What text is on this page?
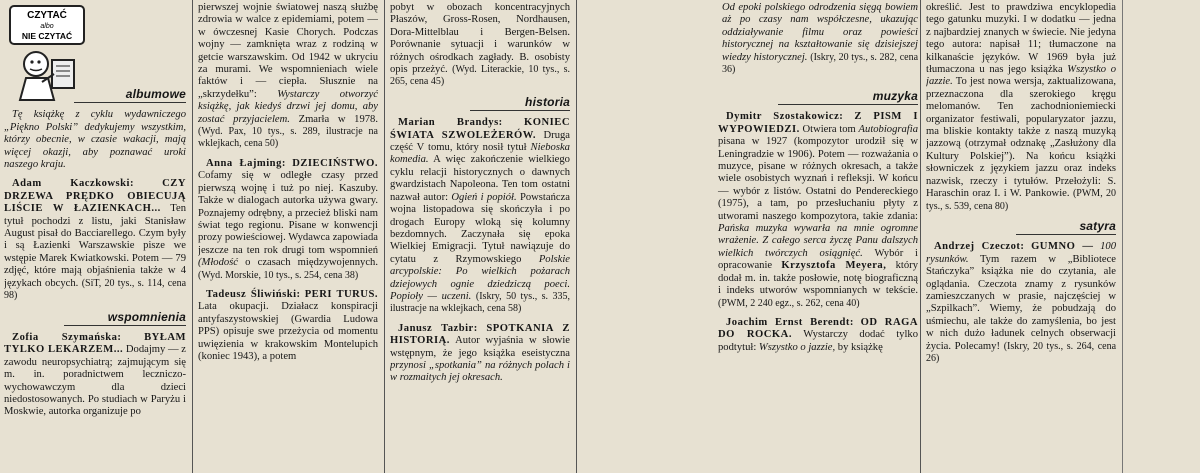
CZYTAĆ
albo
NIE CZYTAĆ
albumowe

Tę książkę z cyklu wydawniczego „Piękno Polski” dedykujemy wszystkim, którzy obecnie, w czasie wakacji, mają więcej okazji, aby poznawać uroki naszego kraju.

Adam Kaczkowski:	CZY DRZEWA PRĘDKO OBIECUJĄ LIŚCIE W ŁAZIENKACH... Ten tytuł pochodzi z listu, jaki Stanisław August pisał do Bacciarellego. Czym były i są Łazienki Warszawskie pisze we wstępie Marek Kwiatkowski. Potem — 79 zdjęć, które mają objaśnienia także w 4 językach obcych. (SiT, 20 tys., s. 114, cena 98)

wspomnienia

Zofia Szymańska: BYŁAM TYLKO LEKARZEM... Dodajmy — z zawodu neuropsychiatrą; zajmującym się m. in. poradnictwem leczniczo-wychowawczym dla dzieci niedostosowanych. Po studiach w Paryżu i Moskwie, autorka organizuje po

pierwszej wojnie światowej naszą służbę zdrowia w walce z epidemiami, potem — w ówczesnej Kasie Chorych. Podczas wojny — zamknięta wraz z rodziną w getcie warszawskim. Od 1942 w ukryciu za murami. We wspomnieniach wiele faktów i — ciepła. Słusznie na „skrzydełku”: Wystarczy otworzyć książkę, jak kiedyś drzwi jej domu, aby zostać przyjacielem. Zmarła w 1978. (Wyd. Pax, 10 tys., s. 289, ilustracje na wklejkach, cena 50)

Anna Łajming: DZIECIŃSTWO. Cofamy się w odległe czasy przed pierwszą wojnę i tuż po niej. Kaszuby. Także w dialogach autorka używa gwary. Poznajemy odrębny, a przecież bliski nam świat tego regionu. Pisane w konwencji prozy powieściowej. Wydawca zapowiada jeszcze na ten rok drugi tom wspomnień (Młodość o czasach międzywojennych. (Wyd. Morskie, 10 tys., s. 254, cena 38)

Tadeusz Śliwiński: PERI TURUS. Lata okupacji. Działacz konspiracji antyfaszystowskiej (Gwardia Ludowa PPS) opisuje swe przeżycia od momentu uwięzienia w krakowskim Montelupich (koniec 1943), a potem

pobyt w obozach koncentracyjnych Płaszów, Gross-Rosen, Nordhausen, Dora-Mittelblau i Bergen-Belsen. Porównanie sytuacji i warunków w różnych ośrodkach zagłady. B. osobisty opis przeżyć. (Wyd. Literackie, 10 tys., s. 265, cena 45)

historia

Marian Brandys: KONIEC ŚWIATA SZWOLEŻERÓW. Druga część V tomu, który nosił tytuł Nieboska komedia. A więc zakończenie wielkiego cyklu relacji historycznych o dawnych gwardzistach Napoleona. Ten tom ostatni nazwał autor: Ogień i popiół. Powstańcza wojna listopadowa się skończyła i po drogach Europy wloką się kolumny bezdomnych. Zaczynała się epoka Wielkiej Emigracji. Tytuł nawiązuje do cytatu z Rzymowskiego Polskie arcypolskie: Po wielkich pożarach dziejowych ognie dziedziczą poeci. Popioły — uczeni. (Iskry, 50 tys., s. 335, ilustracje na wklejkach, cena 58)

Janusz Tazbir: SPOTKANIA Z HISTORIĄ. Autor wyjaśnia w słowie wstępnym, że jego książka eseistyczna przynosi „spotkania” na różnych polach i w rozmaitych jej okresach.

Od epoki polskiego odrodzenia sięgą bowiem aż po czasy nam współczesne, ukazując oddziaływanie filmu oraz powieści historycznej na kształtowanie się dzisiejszej wiedzy historycznej. (Iskry, 20 tys., s. 282, cena 36)

muzyka

Dymitr Szostakowicz: Z PISM I WYPOWIEDZI. Otwiera tom Autobiografia pisana w 1927 (kompozytor urodził się w Leningradzie w 1906). Potem — rozważania o muzyce, pisane w różnych okresach, a także wiele osobistych wyznań i refleksji. W końcu — wybór z listów. Ostatni do Pendereckiego (1975), a tam, po przesłuchaniu płyty z utworami naszego kompozytora, takie zdania: Pańska muzyka wywarła na mnie ogromne wrażenie. Z całego serca życzę Panu dalszych wielkich twórczych osiągnięć. Wybór i opracowanie Krzysztofa Meyera, który dodał m. in. także posłowie, notę biograficzną i indeks utworów wspomnianych w tekście. (PWM, 2 240 egz., s. 262, cena 40)

Joachim Ernst Berendt: OD RAGA DO ROCKA. Wystarczy dodać tylko podtytuł: Wszystko o jazzie, by książkę

określić. Jest to prawdziwa encyklopedia tego gatunku muzyki. I w dodatku — jedna z najbardziej znanych w świecie. Nie jedyna tego autora: napisał 11; tłumaczone na kilkanaście języków. W 1969 była już tłumaczona u nas jego książka Wszystko o jazzie. To jest nowa wersja, zaktualizowana, przeznaczona dla szerokiego kręgu melomanów. Ten zachodnioniemiecki organizator festiwali, popularyzator jazzu, ma bliskie kontakty także z naszą muzyką jazzową (otrzymał odznakę „Zasłużony dla Kultury Polskiej”). Na końcu książki słowniczek z językiem jazzu oraz indeks nazwisk, rzeczy i tytułów. Przełożyli: S. Haraschin oraz I. i W. Pankowie. (PWM, 20 tys., s. 539, cena 80)

satyra

Andrzej Czeczot: GUMNO — 100 rysunków. Tym razem w „Bibliotece Stańczyka” książka nie do czytania, ale oglądania. Czeczota znamy z rysunków zamieszczanych w prasie, najczęściej w „Szpilkach”. Wiemy, że pobudzają do uśmiechu, ale także do zamyślenia, bo jest w nich dużo ładunek celnych obserwacji życia. Polecamy! (Iskry, 20 tys., s. 264, cena 26)
